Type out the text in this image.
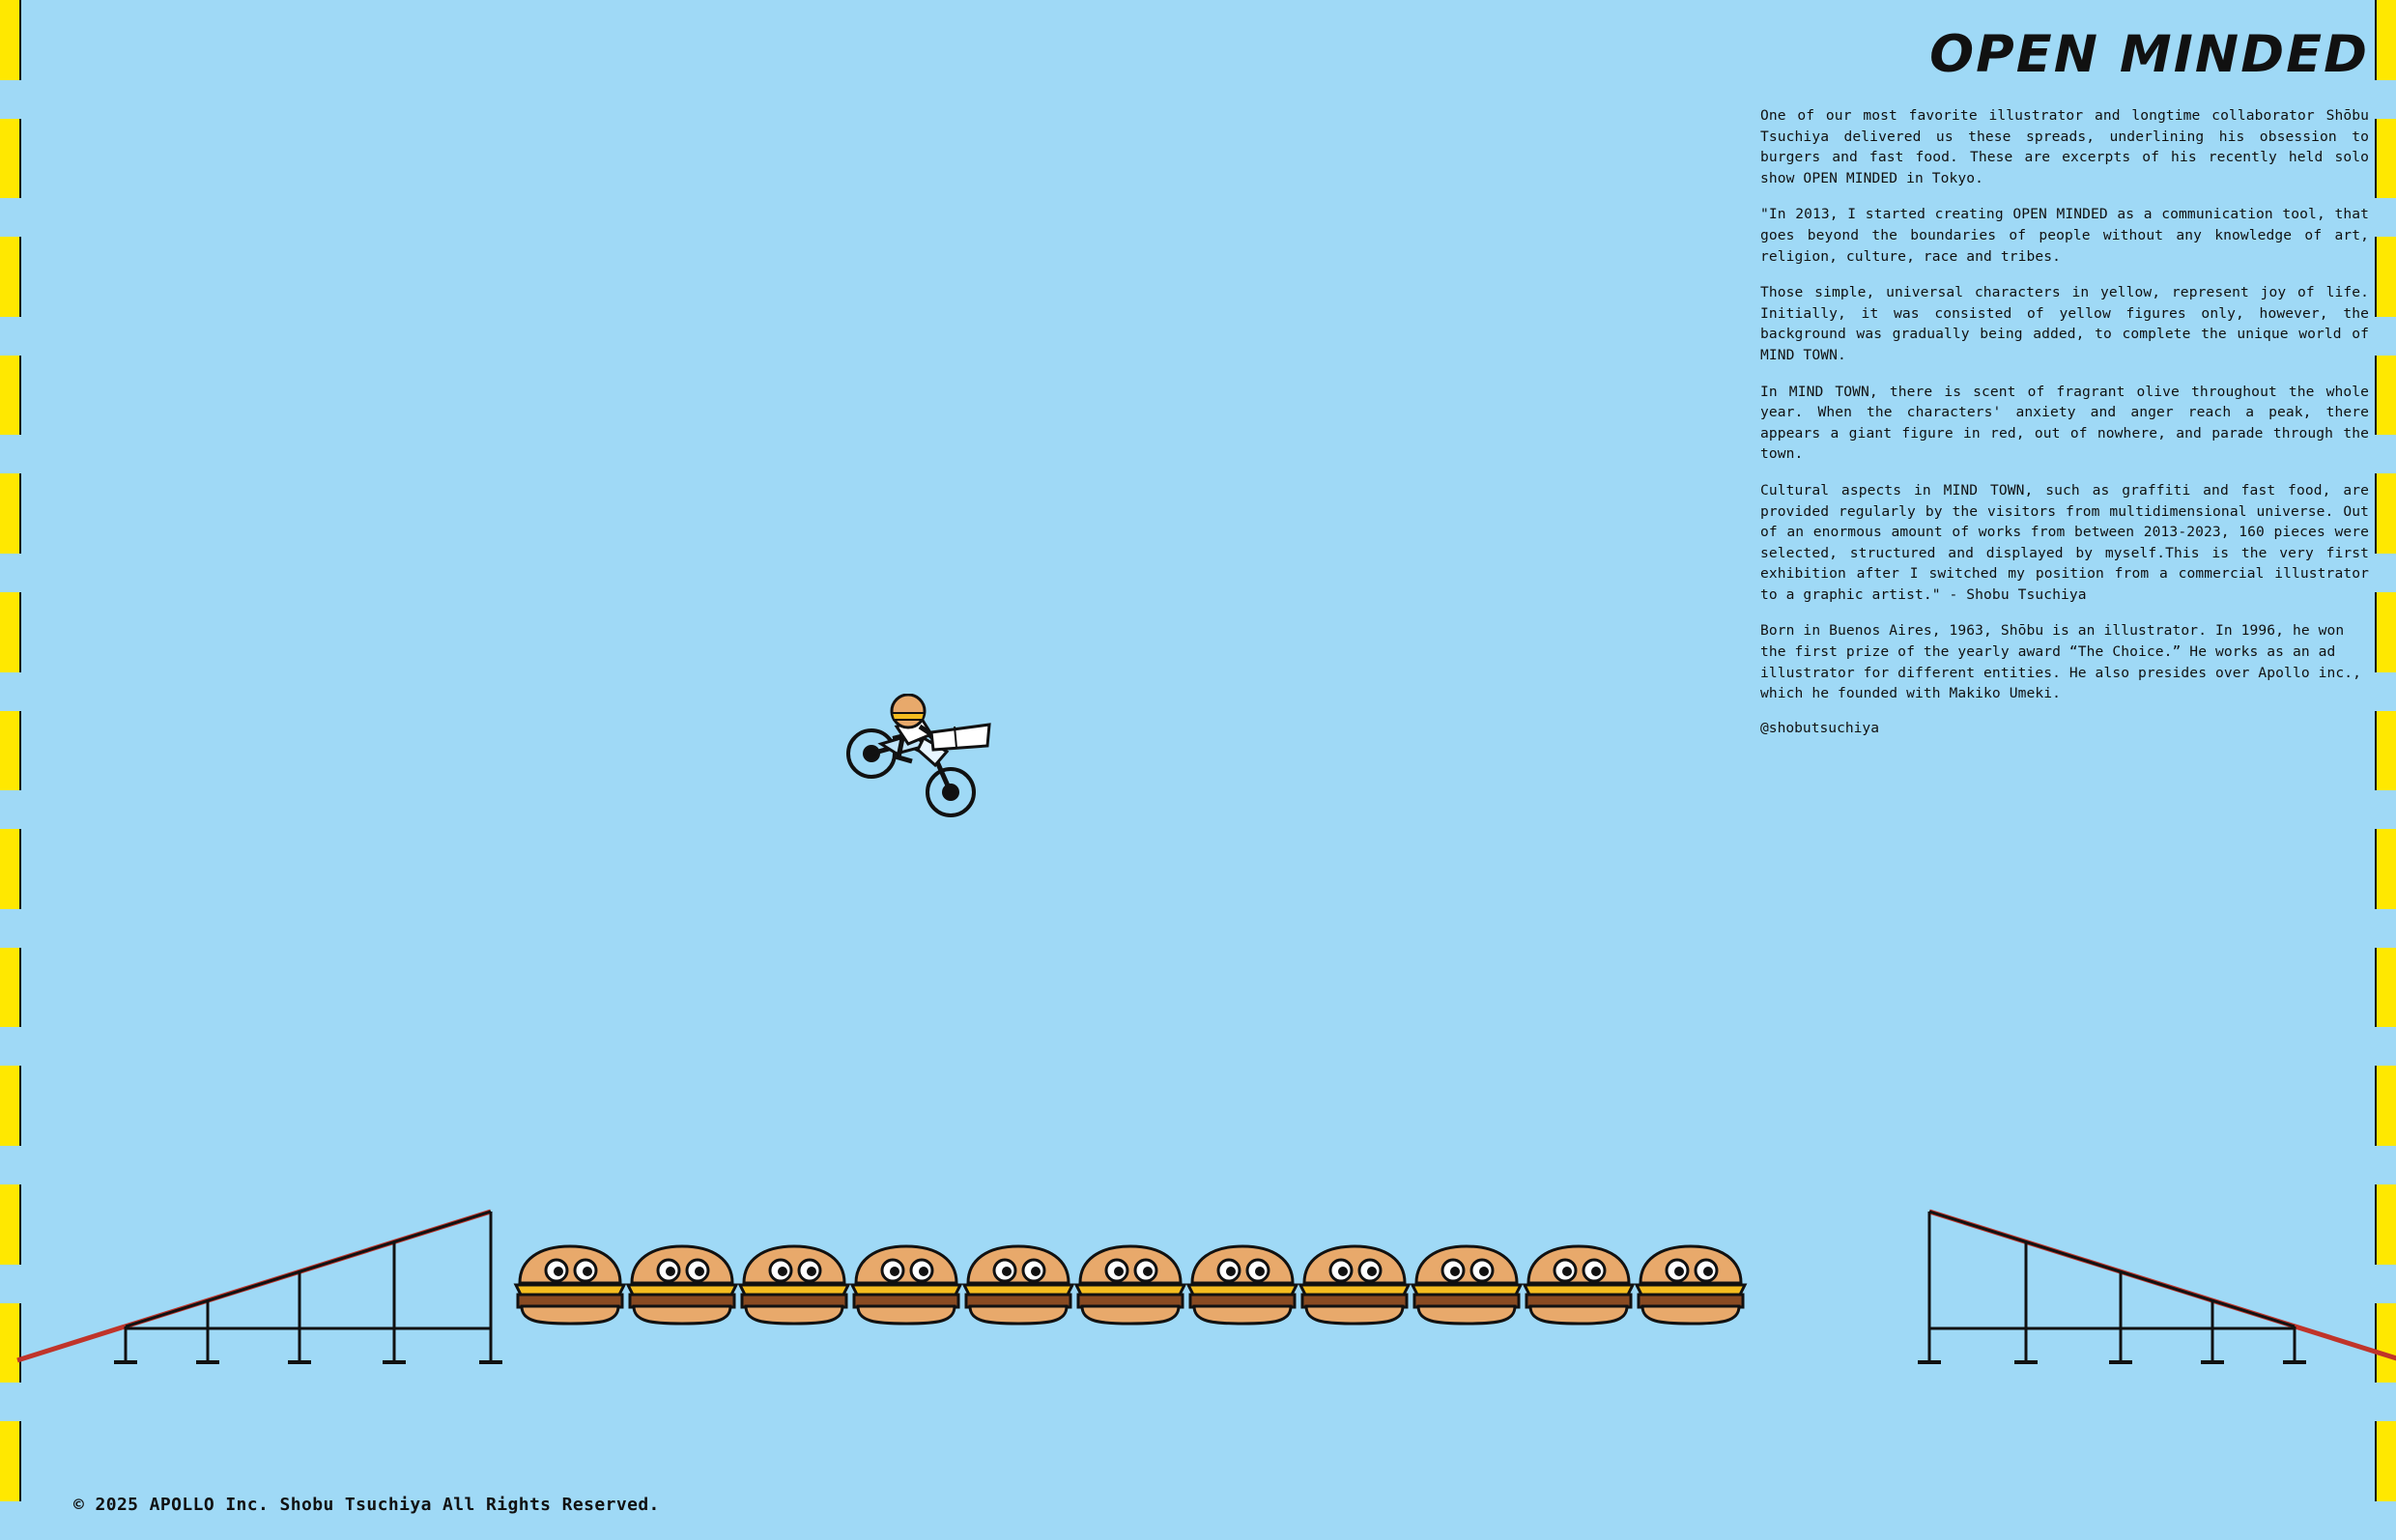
OPEN MINDED

One of our most favorite illustrator and longtime collaborator Shōbu Tsuchiya delivered us these spreads, underlining his obsession to burgers and fast food. These are excerpts of his recently held solo show OPEN MINDED in Tokyo.

"In 2013, I started creating OPEN MINDED as a communication tool, that goes beyond the boundaries of people without any knowledge of art, religion, culture, race and tribes.

Those simple, universal characters in yellow, represent joy of life. Initially, it was consisted of yellow figures only, however, the background was gradually being added, to complete the unique world of MIND TOWN.

In MIND TOWN, there is scent of fragrant olive throughout the whole year. When the characters' anxiety and anger reach a peak, there appears a giant figure in red, out of nowhere, and parade through the town.

Cultural aspects in MIND TOWN, such as graffiti and fast food, are provided regularly by the visitors from multidimensional universe. Out of an enormous amount of works from between 2013-2023, 160 pieces were selected, structured and displayed by myself.This is the very first exhibition after I switched my position from a commercial illustrator to a graphic artist." - Shobu Tsuchiya

Born in Buenos Aires, 1963, Shōbu is an illustrator. In 1996, he won the first prize of the yearly award “The Choice.” He works as an ad illustrator for different entities. He also presides over Apollo inc., which he founded with Makiko Umeki.

@shobutsuchiya

© 2025 APOLLO Inc. Shobu Tsuchiya All Rights Reserved.
